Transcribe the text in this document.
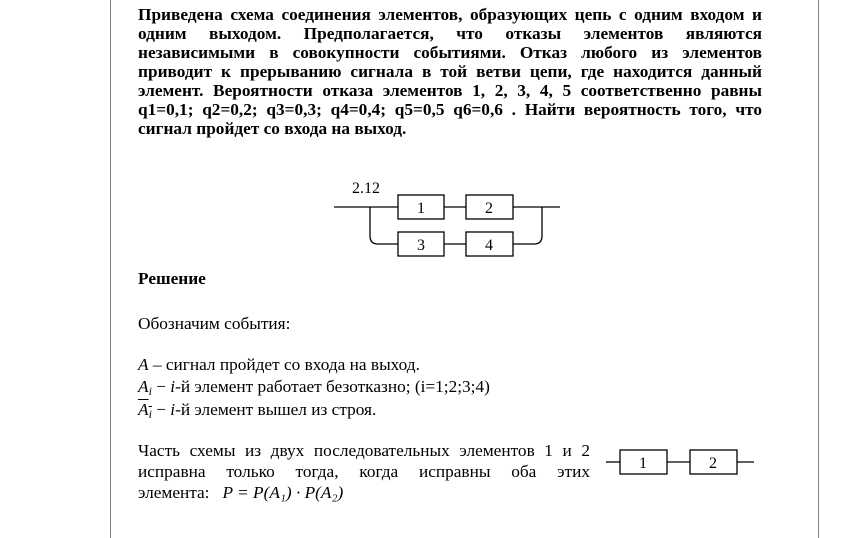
Приведена схема соединения элементов, образующих цепь с одним входом и
одним выходом. Предполагается, что отказы элементов являются
независимыми в совокупности событиями. Отказ любого из элементов
приводит к прерыванию сигнала в той ветви цепи, где находится данный
элемент. Вероятности отказа элементов 1, 2, 3, 4, 5 соответственно равны
q1=0,1; q2=0,2; q3=0,3; q4=0,4; q5=0,5 q6=0,6 . Найти вероятность того, что
сигнал пройдет со входа на выход.
2.12
1	2
3	4
Решение
Обозначим события:
A – сигнал пройдет со входа на выход.
$A_i - i-й$ элемент работает безотказно; (i=1;2;3;4)
$A_i - i-й$ элемент вышел из строя.
Часть схемы из двух последовательных элементов 1 и 2
исправна только тогда, когда исправны оба этих
элемента: P = P(A₁) · P(A₂)
1	2
